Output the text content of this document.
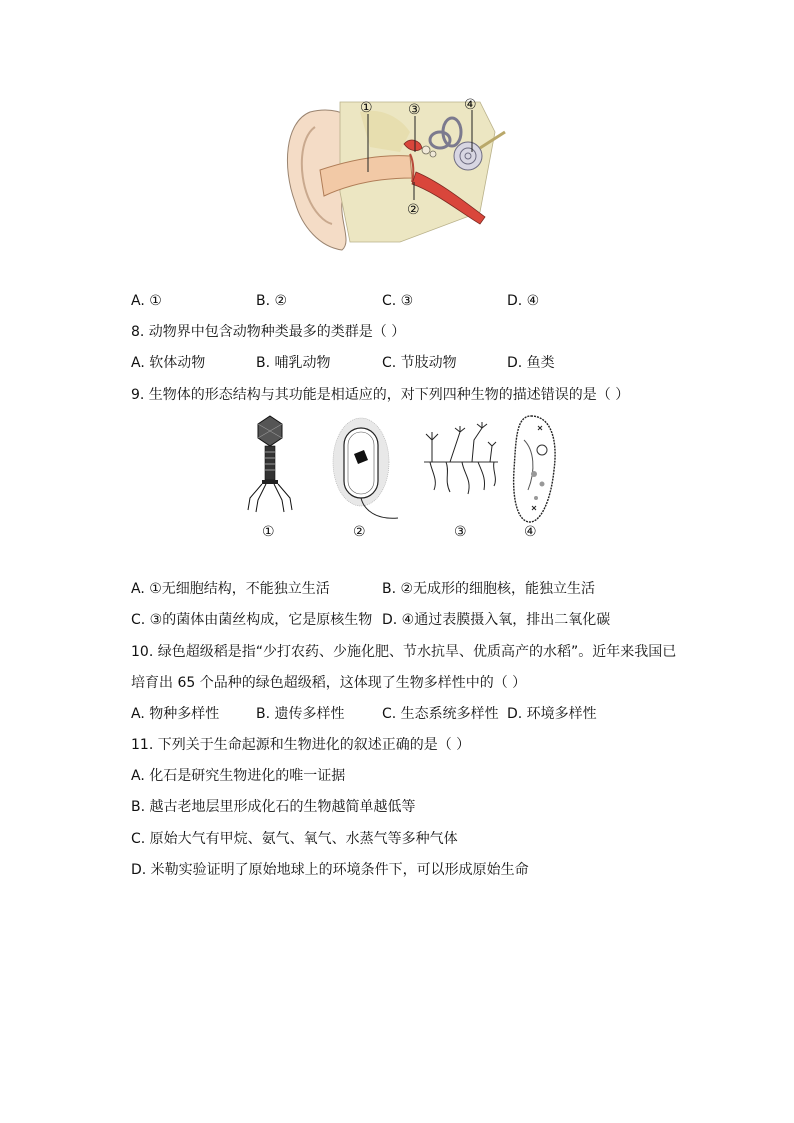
①	③	④
②
A. ①	B. ②	C. ③	D. ④
8. 动物界中包含动物种类最多的类群是（ ）
A. 软体动物	B. 哺乳动物	C. 节肢动物	D. 鱼类
9. 生物体的形态结构与其功能是相适应的，对下列四种生物的描述错误的是（ ）
①	②	③	④
A. ①无细胞结构，不能独立生活	B. ②无成形的细胞核，能独立生活
C. ③的菌体由菌丝构成，它是原核生物 D. ④通过表膜摄入氧，排出二氧化碳
10. 绿色超级稻是指“少打农药、少施化肥、节水抗旱、优质高产的水稻”。近年来我国已
培育出 65 个品种的绿色超级稻，这体现了生物多样性中的（ ）
A. 物种多样性	B. 遗传多样性	C. 生态系统多样性 D. 环境多样性
11. 下列关于生命起源和生物进化的叙述正确的是（ ）
A. 化石是研究生物进化的唯一证据
B. 越古老地层里形成化石的生物越简单越低等
C. 原始大气有甲烷、氨气、氧气、水蒸气等多种气体
D. 米勒实验证明了原始地球上的环境条件下，可以形成原始生命
